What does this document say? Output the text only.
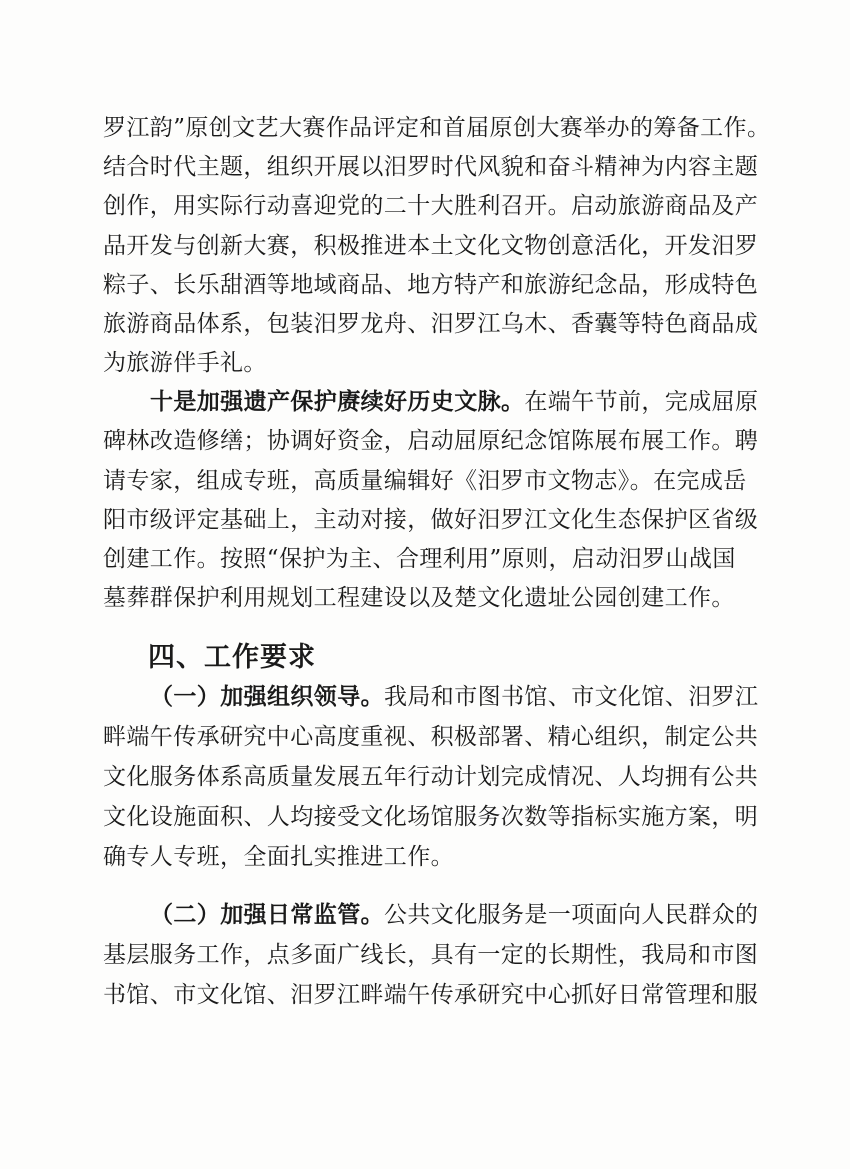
罗江韵”原创文艺大赛作品评定和首届原创大赛举办的筹备工作。
结合时代主题，组织开展以汨罗时代风貌和奋斗精神为内容主题
创作，用实际行动喜迎党的二十大胜利召开。启动旅游商品及产
品开发与创新大赛，积极推进本土文化文物创意活化，开发汨罗
粽子、长乐甜酒等地域商品、地方特产和旅游纪念品，形成特色
旅游商品体系，包装汨罗龙舟、汨罗江乌木、香囊等特色商品成
为旅游伴手礼。
十是加强遗产保护赓续好历史文脉。在端午节前，完成屈原
碑林改造修缮；协调好资金，启动屈原纪念馆陈展布展工作。聘
请专家，组成专班，高质量编辑好《汨罗市文物志》。在完成岳
阳市级评定基础上，主动对接，做好汨罗江文化生态保护区省级
创建工作。按照“保护为主、合理利用”原则，启动汨罗山战国
墓葬群保护利用规划工程建设以及楚文化遗址公园创建工作。
四、工作要求
（一）加强组织领导。我局和市图书馆、市文化馆、汨罗江
畔端午传承研究中心高度重视、积极部署、精心组织，制定公共
文化服务体系高质量发展五年行动计划完成情况、人均拥有公共
文化设施面积、人均接受文化场馆服务次数等指标实施方案，明
确专人专班，全面扎实推进工作。
（二）加强日常监管。公共文化服务是一项面向人民群众的
基层服务工作，点多面广线长，具有一定的长期性，我局和市图
书馆、市文化馆、汨罗江畔端午传承研究中心抓好日常管理和服
